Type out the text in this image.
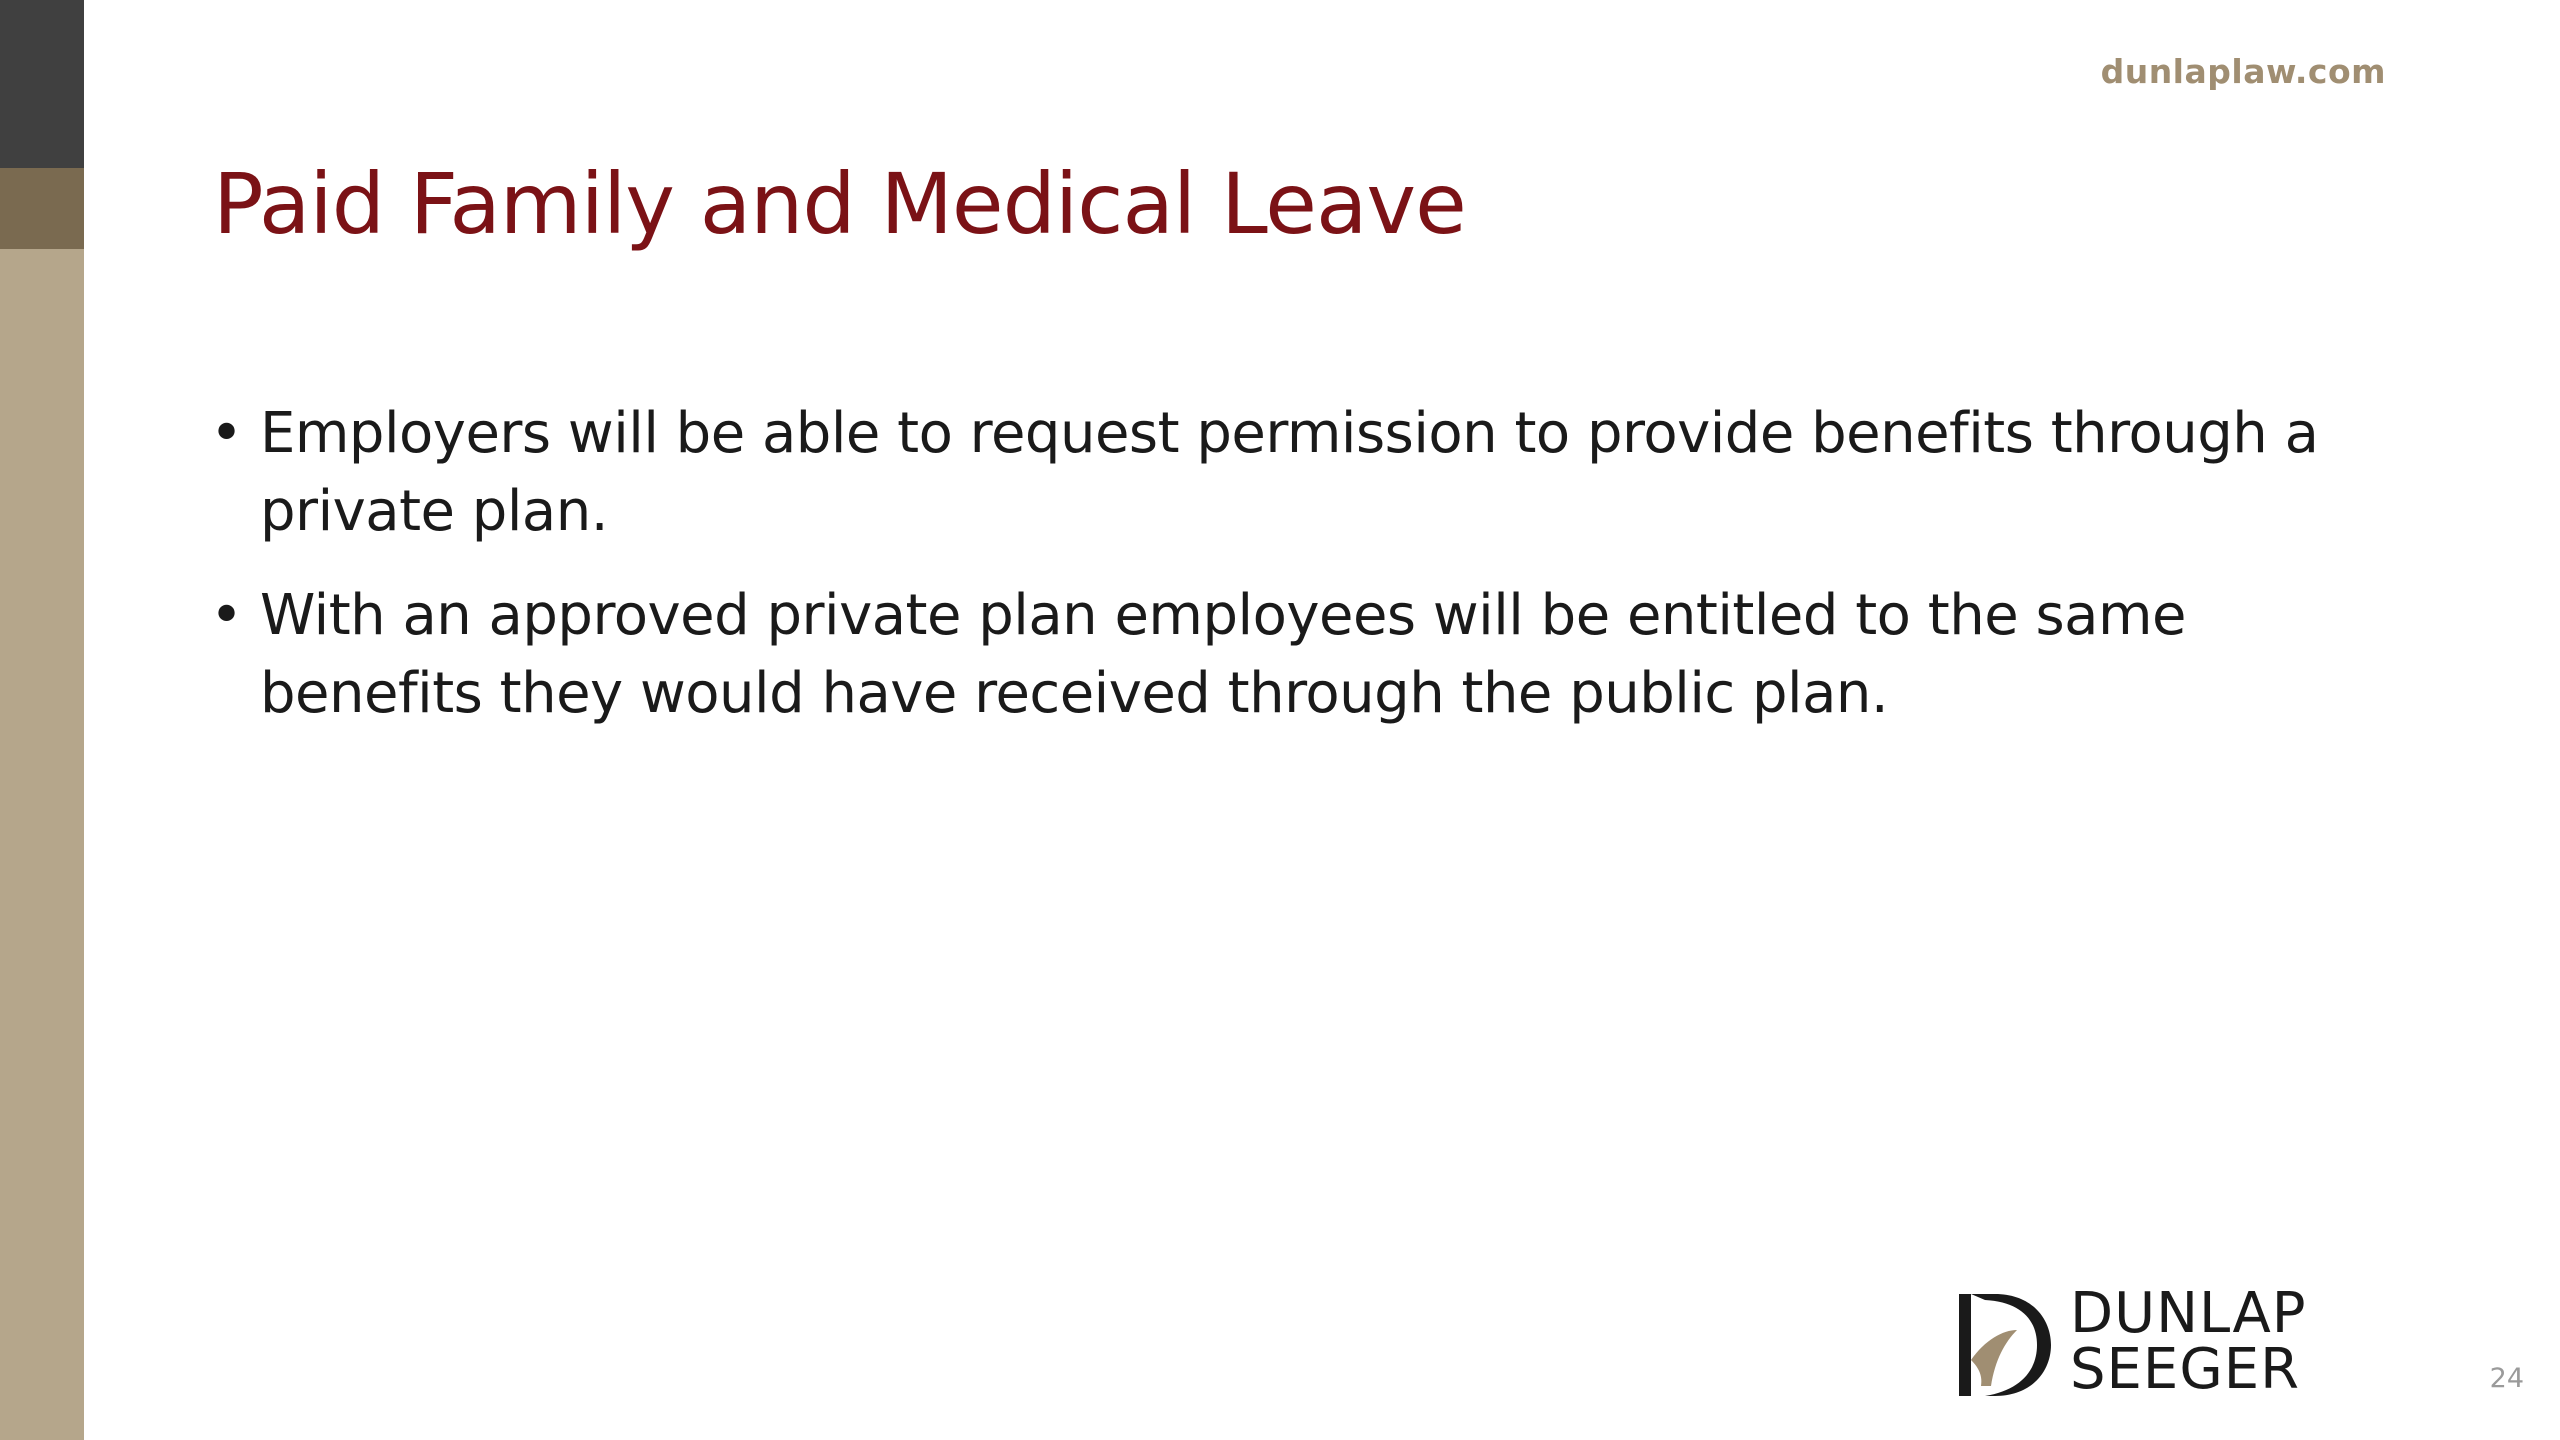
dunlaplaw.com
Paid Family and Medical Leave
• Employers will be able to request permission to provide benefits through a private plan.
• With an approved private plan employees will be entitled to the same benefits they would have received through the public plan.
DUNLAP
SEEGER	24
